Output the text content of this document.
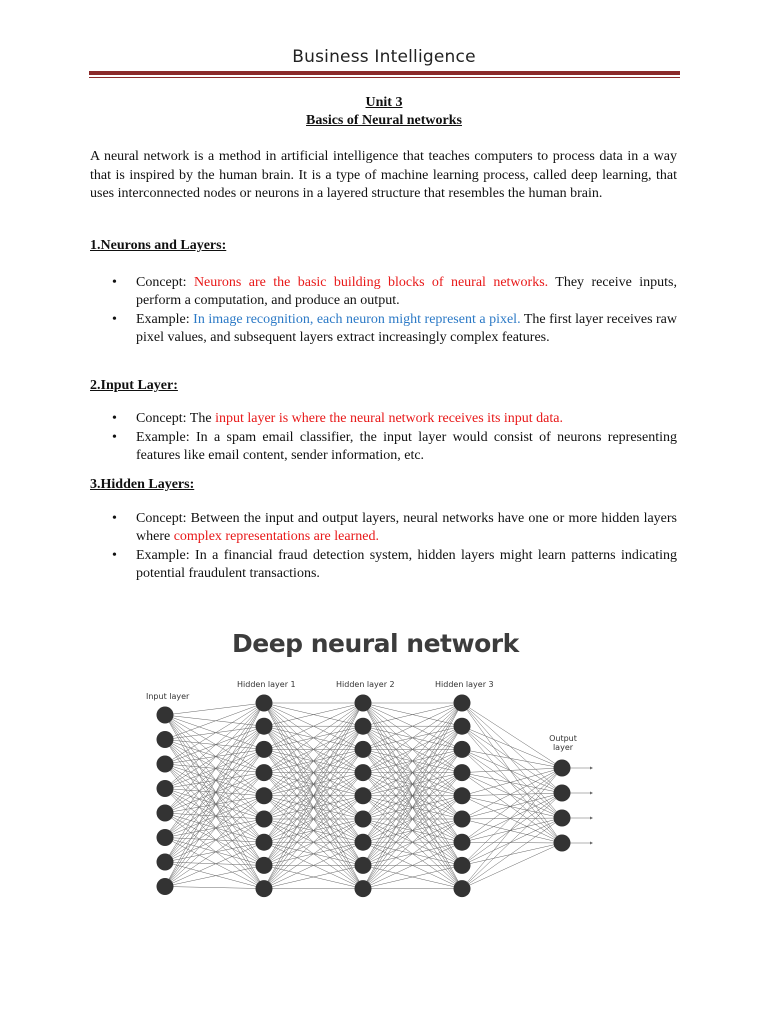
Business Intelligence
Unit 3
Basics of Neural networks
A neural network is a method in artificial intelligence that teaches computers to process data in a way that is inspired by the human brain. It is a type of machine learning process, called deep learning, that uses interconnected nodes or neurons in a layered structure that resembles the human brain.
1.Neurons and Layers:
• Concept: Neurons are the basic building blocks of neural networks. They receive inputs, perform a computation, and produce an output.
• Example: In image recognition, each neuron might represent a pixel. The first layer receives raw pixel values, and subsequent layers extract increasingly complex features.
2.Input Layer:
• Concept: The input layer is where the neural network receives its input data.
• Example: In a spam email classifier, the input layer would consist of neurons representing features like email content, sender information, etc.
3.Hidden Layers:
• Concept: Between the input and output layers, neural networks have one or more hidden layers where complex representations are learned.
• Example: In a financial fraud detection system, hidden layers might learn patterns indicating potential fraudulent transactions.
Deep neural network
Input layer
Hidden layer 1	Hidden layer 2	Hidden layer 3
Output
layer
